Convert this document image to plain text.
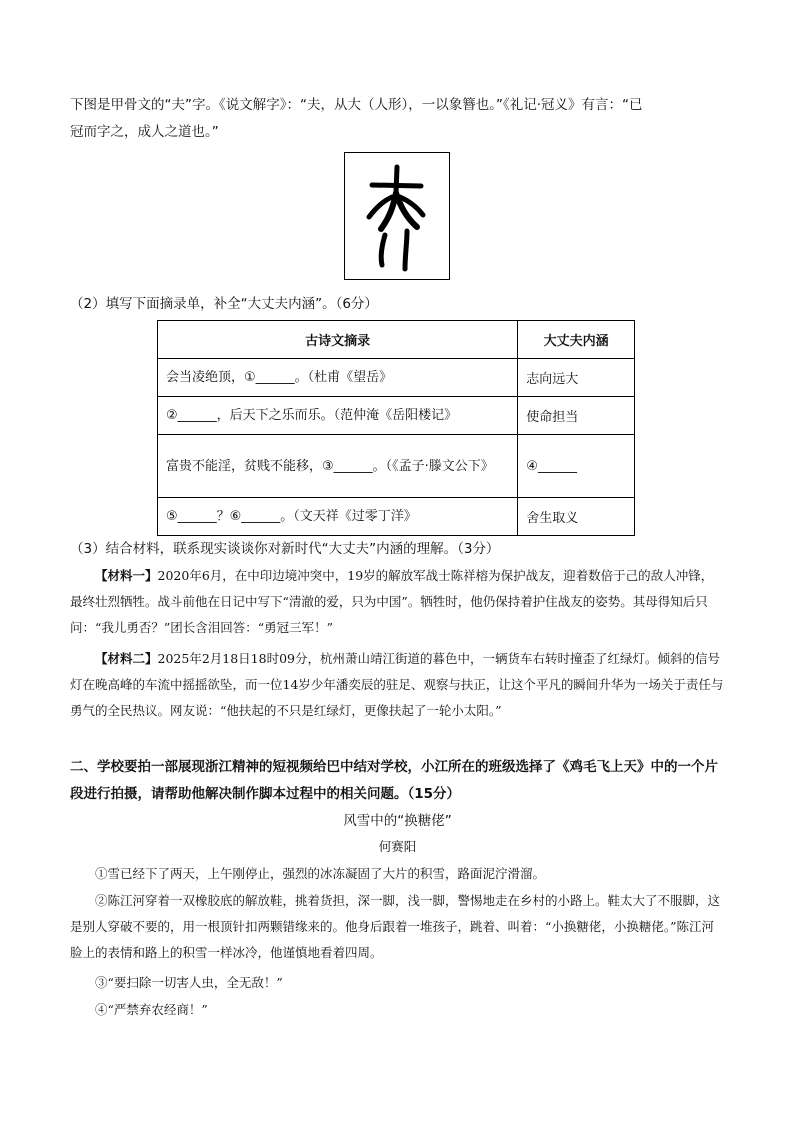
下图是甲骨文的“夫”字。《说文解字》：“夫，从大（人形），一以象簪也。”《礼记·冠义》有言：“已
冠而字之，成人之道也。”
（2）填写下面摘录单，补全“大丈夫内涵”。（6分）
古诗文摘录	大丈夫内涵
会当凌绝顶，①______。（杜甫《望岳》	志向远大
②______，后天下之乐而乐。（范仲淹《岳阳楼记》	使命担当
富贵不能淫，贫贱不能移，③______。（《孟子·滕文公下》	④______
⑤______？⑥______。（文天祥《过零丁洋》	舍生取义
（3）结合材料，联系现实谈谈你对新时代“大丈夫”内涵的理解。（3分）
【材料一】2020年6月，在中印边境冲突中，19岁的解放军战士陈祥榕为保护战友，迎着数倍于己的敌人冲锋，最终壮烈牺牲。战斗前他在日记中写下“清澈的爱，只为中国”。牺牲时，他仍保持着护住战友的姿势。其母得知后只问：“我儿勇否？”团长含泪回答：“勇冠三军！”
【材料二】2025年2月18日18时09分，杭州萧山靖江街道的暮色中，一辆货车右转时撞歪了红绿灯。倾斜的信号灯在晚高峰的车流中摇摇欲坠，而一位14岁少年潘奕辰的驻足、观察与扶正，让这个平凡的瞬间升华为一场关于责任与勇气的全民热议。网友说：“他扶起的不只是红绿灯，更像扶起了一轮小太阳。”
二、学校要拍一部展现浙江精神的短视频给巴中结对学校，小江所在的班级选择了《鸡毛飞上天》中的一个片段进行拍摄，请帮助他解决制作脚本过程中的相关问题。（15分）
风雪中的“换糖佬”
何赛阳
①雪已经下了两天，上午刚停止，强烈的冰冻凝固了大片的积雪，路面泥泞滑溜。
②陈江河穿着一双橡胶底的解放鞋，挑着货担，深一脚，浅一脚，警惕地走在乡村的小路上。鞋太大了不服脚，这是别人穿破不要的，用一根顶针扣两颗错缘来的。他身后跟着一堆孩子，跳着、叫着：“小换糖佬，小换糖佬。”陈江河脸上的表情和路上的积雪一样冰冷，他谨慎地看着四周。
③“要扫除一切害人虫，全无敌！”
④“严禁弃农经商！”
